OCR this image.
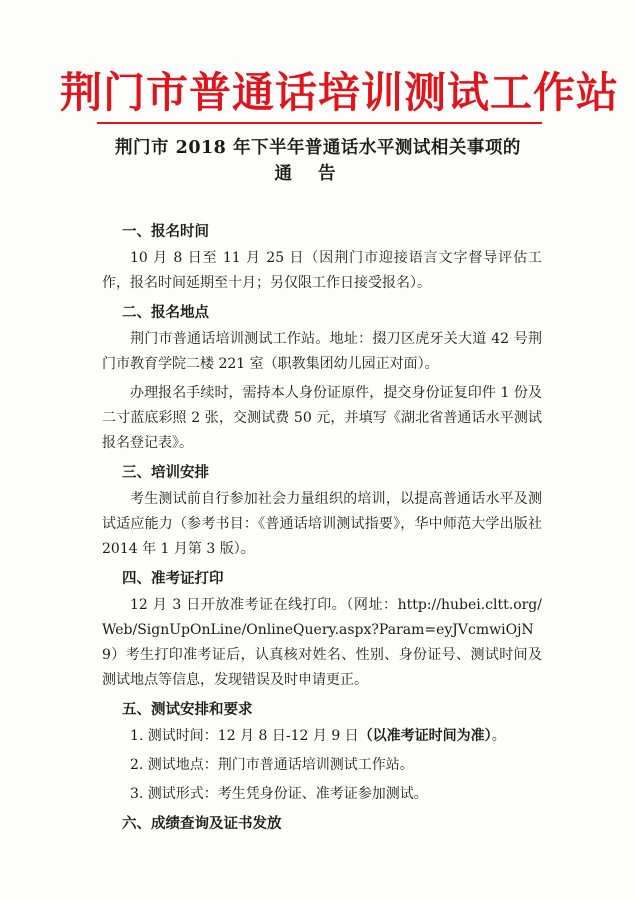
荆门市普通话培训测试工作站
荆门市 2018 年下半年普通话水平测试相关事项的
通告
一、报名时间
10 月 8 日至 11 月 25 日（因荆门市迎接语言文字督导评估工作，报名时间延期至十月；另仅限工作日接受报名）。
二、报名地点
荆门市普通话培训测试工作站。地址：掇刀区虎牙关大道 42 号荆门市教育学院二楼 221 室（职教集团幼儿园正对面）。
办理报名手续时，需持本人身份证原件，提交身份证复印件 1 份及二寸蓝底彩照 2 张，交测试费 50 元，并填写《湖北省普通话水平测试报名登记表》。
三、培训安排
考生测试前自行参加社会力量组织的培训，以提高普通话水平及测试适应能力（参考书目：《普通话培训测试指要》，华中师范大学出版社 2014 年 1 月第 3 版）。
四、准考证打印
12 月 3 日开放准考证在线打印。（网址：http://hubei.cltt.org/Web/SignUpOnLine/OnlineQuery.aspx?Param=eyJVcmwiOjN9）考生打印准考证后，认真核对姓名、性别、身份证号、测试时间及测试地点等信息，发现错误及时申请更正。
五、测试安排和要求
1. 测试时间：12 月 8 日-12 月 9 日（以准考证时间为准）。
2. 测试地点：荆门市普通话培训测试工作站。
3. 测试形式：考生凭身份证、准考证参加测试。
六、成绩查询及证书发放
